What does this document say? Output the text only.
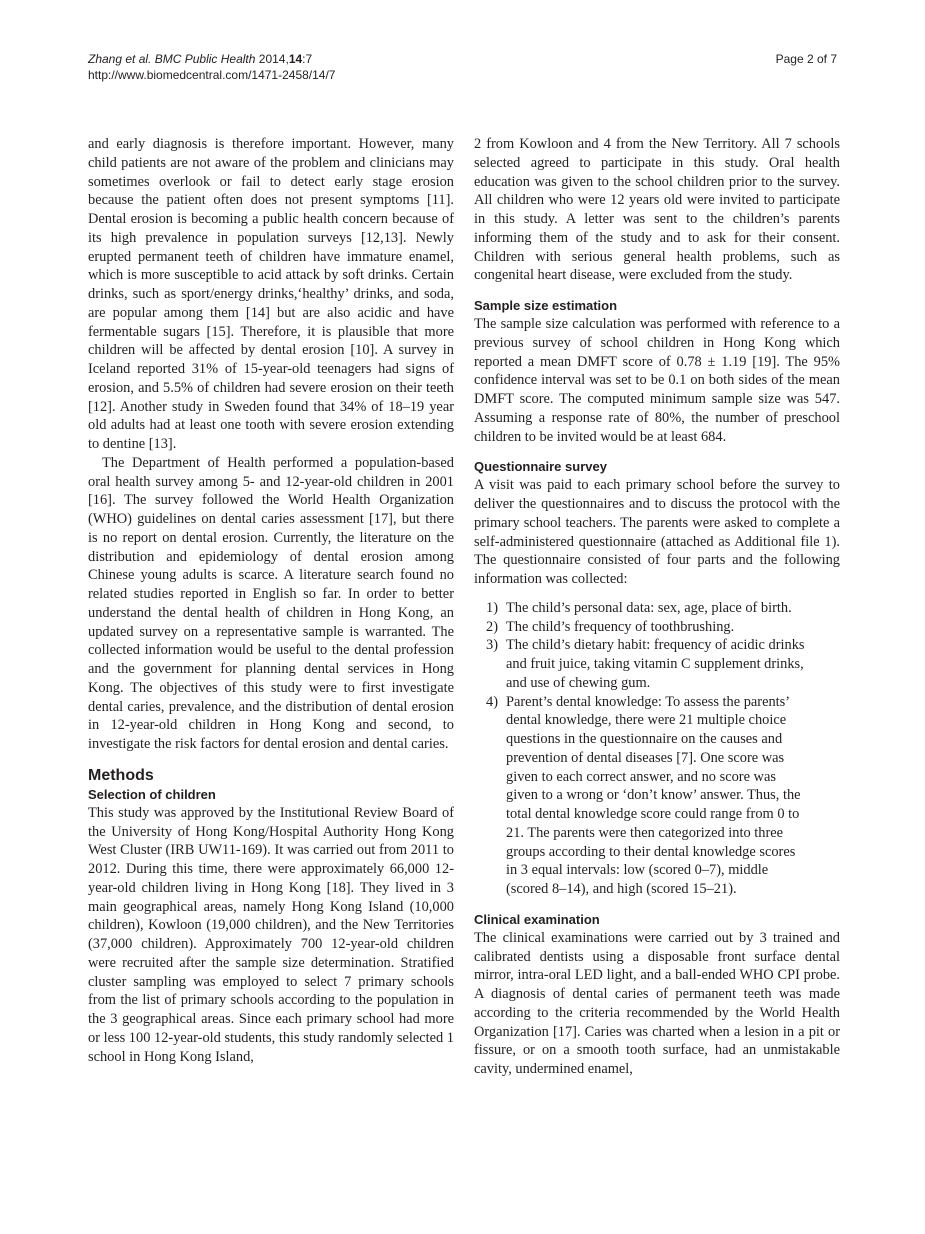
Zhang et al. BMC Public Health 2014,14:7
http://www.biomedcentral.com/1471-2458/14/7
Page 2 of 7

and early diagnosis is therefore important. However, many child patients are not aware of the problem and clinicians may sometimes overlook or fail to detect early stage erosion because the patient often does not present symptoms [11]. Dental erosion is becoming a public health concern because of its high prevalence in population surveys [12,13]. Newly erupted permanent teeth of children have immature enamel, which is more susceptible to acid attack by soft drinks. Certain drinks, such as sport/energy drinks,‘healthy’ drinks, and soda, are popular among them [14] but are also acidic and have fermentable sugars [15]. Therefore, it is plausible that more children will be affected by dental erosion [10]. A survey in Iceland reported 31% of 15-year-old teenagers had signs of erosion, and 5.5% of children had severe erosion on their teeth [12]. Another study in Sweden found that 34% of 18–19 year old adults had at least one tooth with severe erosion extending to dentine [13].

The Department of Health performed a population-based oral health survey among 5- and 12-year-old children in 2001 [16]. The survey followed the World Health Organization (WHO) guidelines on dental caries assessment [17], but there is no report on dental erosion. Currently, the literature on the distribution and epidemiology of dental erosion among Chinese young adults is scarce. A literature search found no related studies reported in English so far. In order to better understand the dental health of children in Hong Kong, an updated survey on a representative sample is warranted. The collected information would be useful to the dental profession and the government for planning dental services in Hong Kong. The objectives of this study were to first investigate dental caries, prevalence, and the distribution of dental erosion in 12-year-old children in Hong Kong and second, to investigate the risk factors for dental erosion and dental caries.

Methods
Selection of children

This study was approved by the Institutional Review Board of the University of Hong Kong/Hospital Authority Hong Kong West Cluster (IRB UW11-169). It was carried out from 2011 to 2012. During this time, there were approximately 66,000 12-year-old children living in Hong Kong [18]. They lived in 3 main geographical areas, namely Hong Kong Island (10,000 children), Kowloon (19,000 children), and the New Territories (37,000 children). Approximately 700 12-year-old children were recruited after the sample size determination. Stratified cluster sampling was employed to select 7 primary schools from the list of primary schools according to the population in the 3 geographical areas. Since each primary school had more or less 100 12-year-old students, this study randomly selected 1 school in Hong Kong Island,

2 from Kowloon and 4 from the New Territory. All 7 schools selected agreed to participate in this study. Oral health education was given to the school children prior to the survey. All children who were 12 years old were invited to participate in this study. A letter was sent to the children’s parents informing them of the study and to ask for their consent. Children with serious general health problems, such as congenital heart disease, were excluded from the study.

Sample size estimation

The sample size calculation was performed with reference to a previous survey of school children in Hong Kong which reported a mean DMFT score of 0.78 ± 1.19 [19]. The 95% confidence interval was set to be 0.1 on both sides of the mean DMFT score. The computed minimum sample size was 547. Assuming a response rate of 80%, the number of preschool children to be invited would be at least 684.

Questionnaire survey

A visit was paid to each primary school before the survey to deliver the questionnaires and to discuss the protocol with the primary school teachers. The parents were asked to complete a self-administered questionnaire (attached as Additional file 1). The questionnaire consisted of four parts and the following information was collected:

1) The child’s personal data: sex, age, place of birth.
2) The child’s frequency of toothbrushing.
3) The child’s dietary habit: frequency of acidic drinks and fruit juice, taking vitamin C supplement drinks, and use of chewing gum.
4) Parent’s dental knowledge: To assess the parents’ dental knowledge, there were 21 multiple choice questions in the questionnaire on the causes and prevention of dental diseases [7]. One score was given to each correct answer, and no score was given to a wrong or ‘don’t know’ answer. Thus, the total dental knowledge score could range from 0 to 21. The parents were then categorized into three groups according to their dental knowledge scores in 3 equal intervals: low (scored 0–7), middle (scored 8–14), and high (scored 15–21).
Clinical examination

The clinical examinations were carried out by 3 trained and calibrated dentists using a disposable front surface dental mirror, intra-oral LED light, and a ball-ended WHO CPI probe. A diagnosis of dental caries of permanent teeth was made according to the criteria recommended by the World Health Organization [17]. Caries was charted when a lesion in a pit or fissure, or on a smooth tooth surface, had an unmistakable cavity, undermined enamel,
